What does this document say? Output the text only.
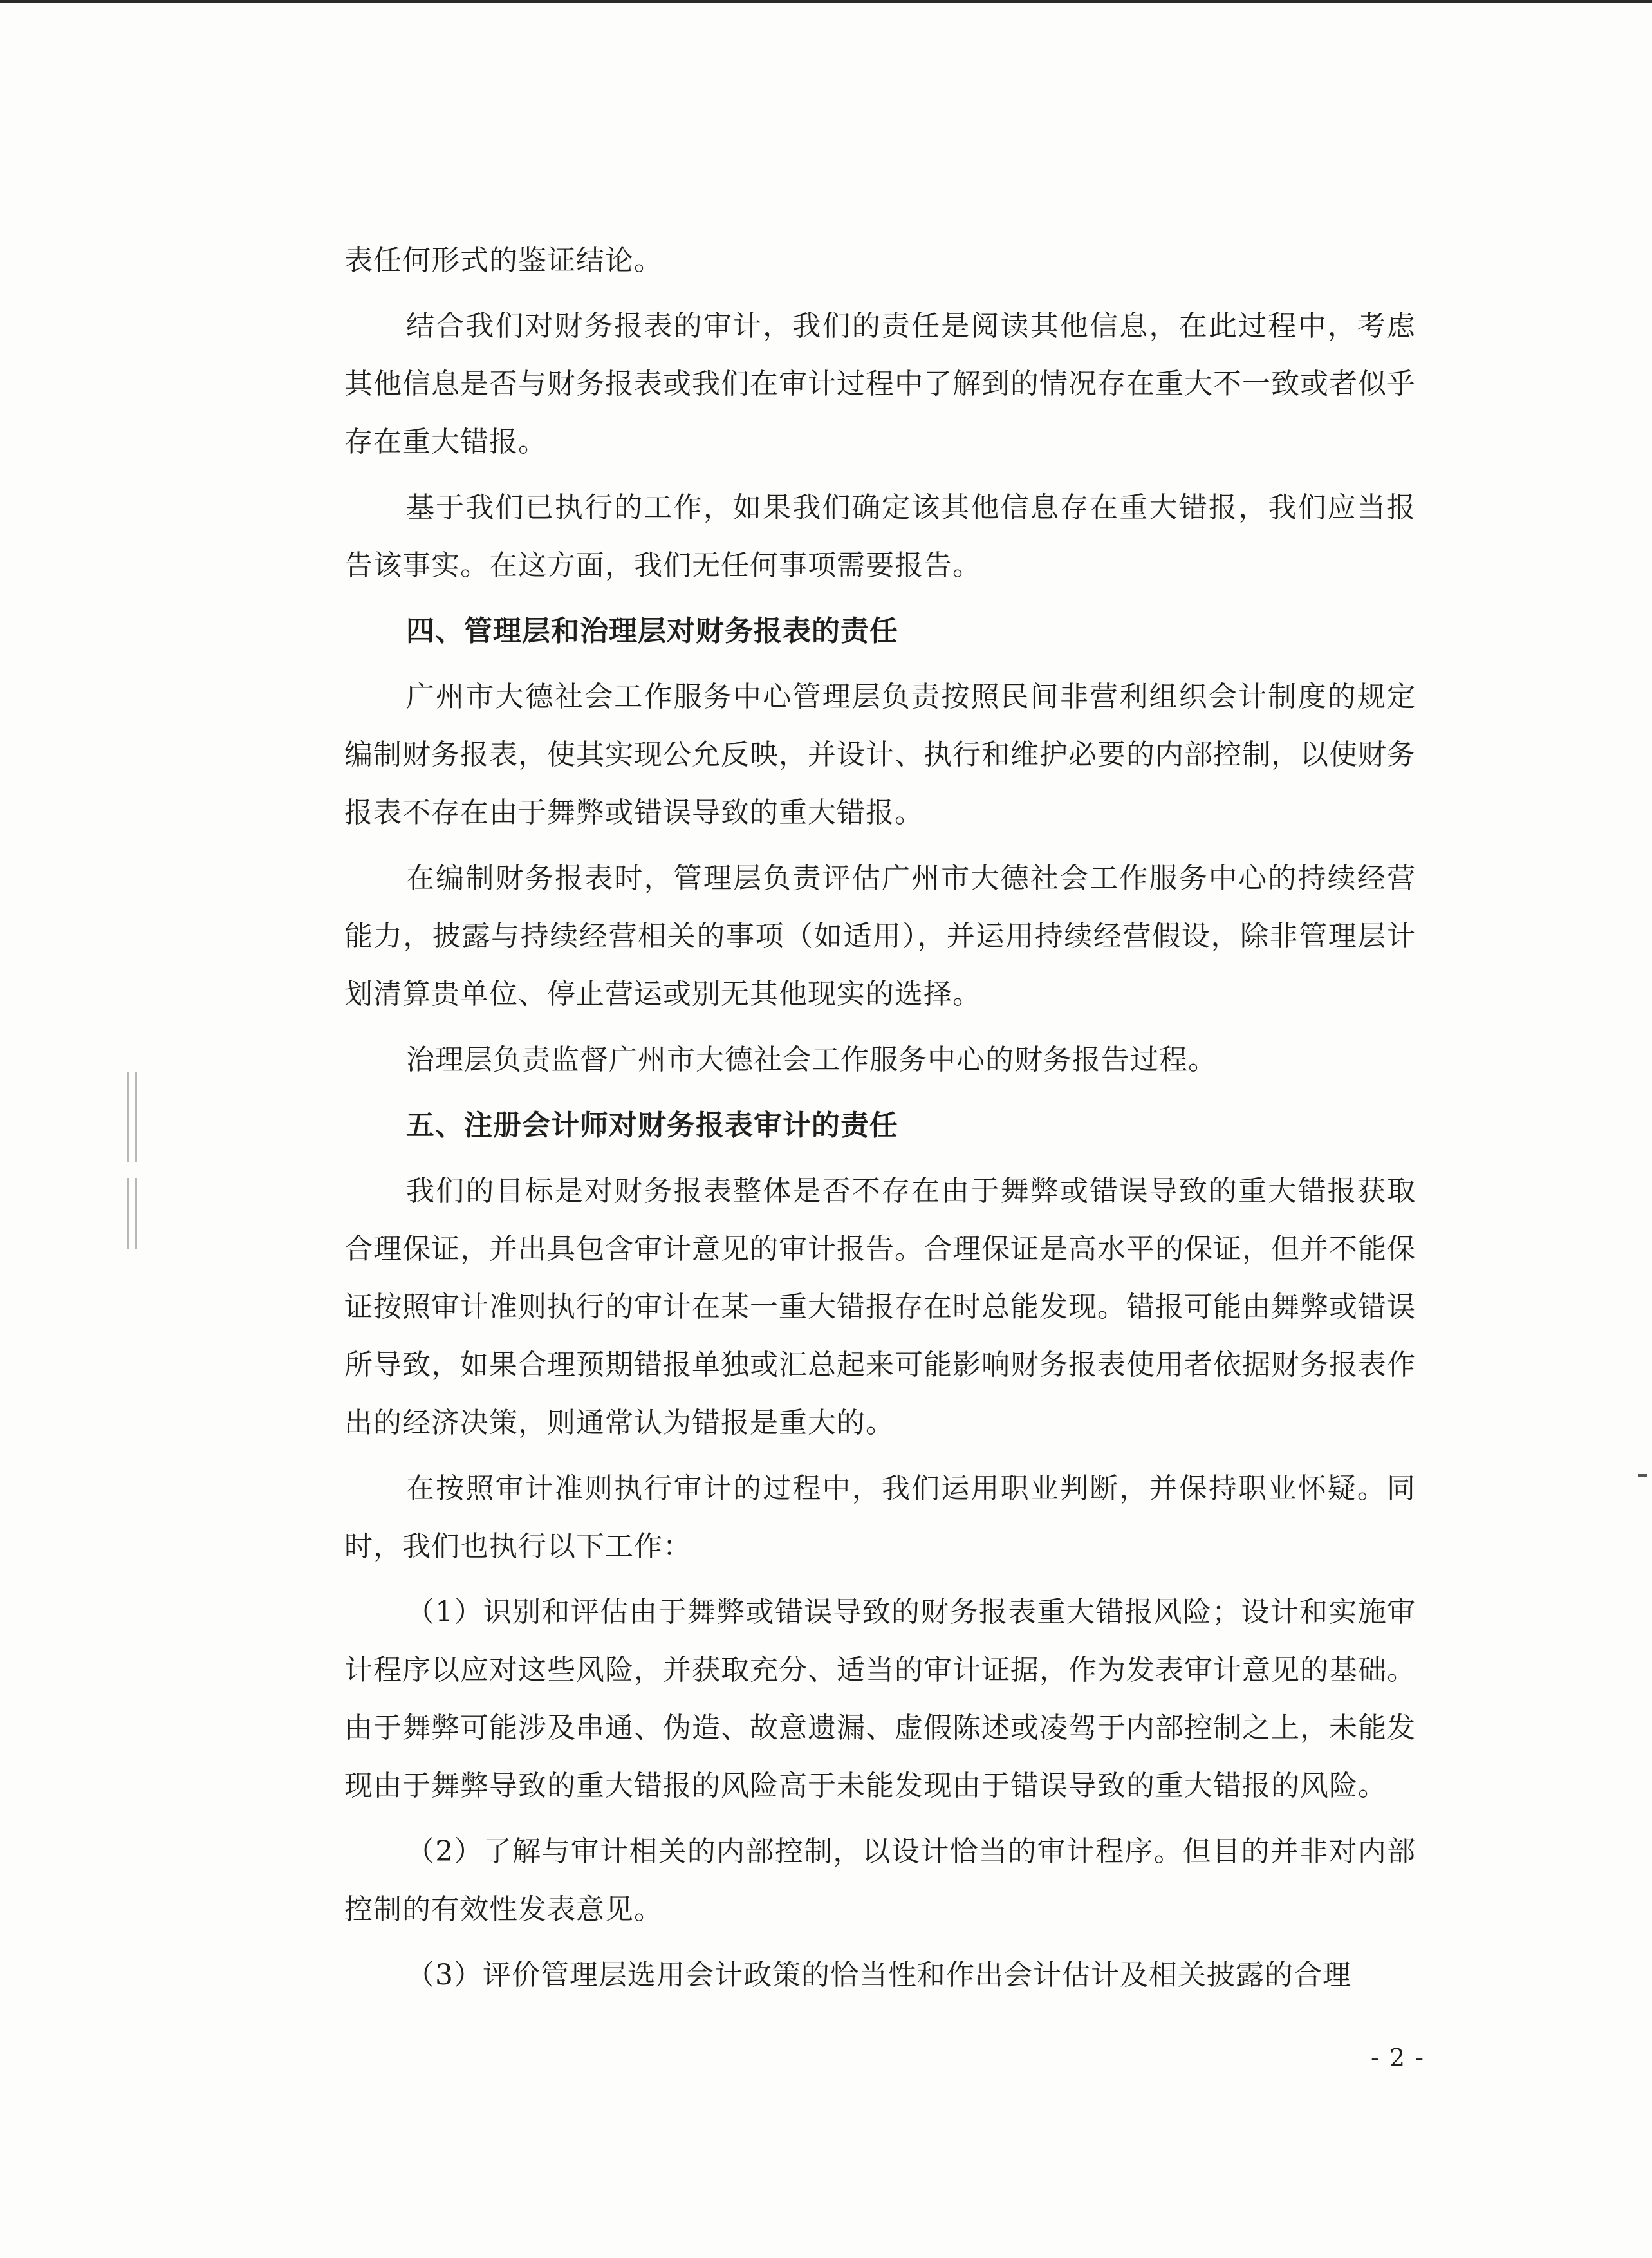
表任何形式的鉴证结论。

结合我们对财务报表的审计，我们的责任是阅读其他信息，在此过程中，考虑其他信息是否与财务报表或我们在审计过程中了解到的情况存在重大不一致或者似乎存在重大错报。

基于我们已执行的工作，如果我们确定该其他信息存在重大错报，我们应当报告该事实。在这方面，我们无任何事项需要报告。

四、管理层和治理层对财务报表的责任

广州市大德社会工作服务中心管理层负责按照民间非营利组织会计制度的规定编制财务报表，使其实现公允反映，并设计、执行和维护必要的内部控制，以使财务报表不存在由于舞弊或错误导致的重大错报。

在编制财务报表时，管理层负责评估广州市大德社会工作服务中心的持续经营能力，披露与持续经营相关的事项（如适用），并运用持续经营假设，除非管理层计划清算贵单位、停止营运或别无其他现实的选择。

治理层负责监督广州市大德社会工作服务中心的财务报告过程。

五、注册会计师对财务报表审计的责任

我们的目标是对财务报表整体是否不存在由于舞弊或错误导致的重大错报获取合理保证，并出具包含审计意见的审计报告。合理保证是高水平的保证，但并不能保证按照审计准则执行的审计在某一重大错报存在时总能发现。错报可能由舞弊或错误所导致，如果合理预期错报单独或汇总起来可能影响财务报表使用者依据财务报表作出的经济决策，则通常认为错报是重大的。

在按照审计准则执行审计的过程中，我们运用职业判断，并保持职业怀疑。同时，我们也执行以下工作：

（1）识别和评估由于舞弊或错误导致的财务报表重大错报风险；设计和实施审计程序以应对这些风险，并获取充分、适当的审计证据，作为发表审计意见的基础。由于舞弊可能涉及串通、伪造、故意遗漏、虚假陈述或凌驾于内部控制之上，未能发现由于舞弊导致的重大错报的风险高于未能发现由于错误导致的重大错报的风险。

（2）了解与审计相关的内部控制，以设计恰当的审计程序。但目的并非对内部控制的有效性发表意见。

（3）评价管理层选用会计政策的恰当性和作出会计估计及相关披露的合理

- 2 -
